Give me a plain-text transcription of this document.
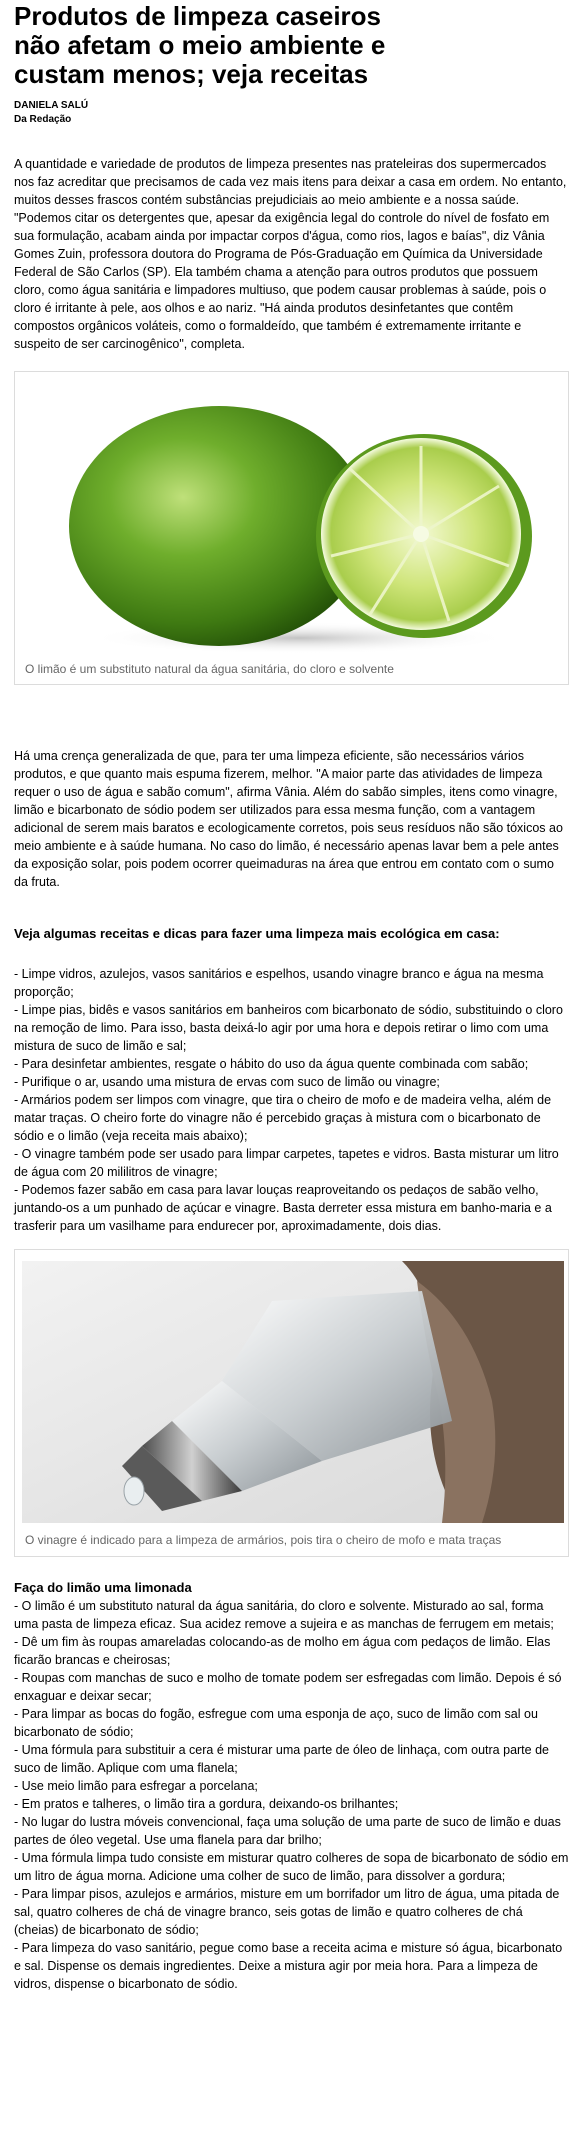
Produtos de limpeza caseiros não afetam o meio ambiente e custam menos; veja receitas
DANIELA SALÚ
Da Redação

A quantidade e variedade de produtos de limpeza presentes nas prateleiras dos supermercados nos faz acreditar que precisamos de cada vez mais itens para deixar a casa em ordem. No entanto, muitos desses frascos contém substâncias prejudiciais ao meio ambiente e a nossa saúde. "Podemos citar os detergentes que, apesar da exigência legal do controle do nível de fosfato em sua formulação, acabam ainda por impactar corpos d'água, como rios, lagos e baías", diz Vânia Gomes Zuin, professora doutora do Programa de Pós-Graduação em Química da Universidade Federal de São Carlos (SP). Ela também chama a atenção para outros produtos que possuem cloro, como água sanitária e limpadores multiuso, que podem causar problemas à saúde, pois o cloro é irritante à pele, aos olhos e ao nariz. "Há ainda produtos desinfetantes que contêm compostos orgânicos voláteis, como o formaldeído, que também é extremamente irritante e suspeito de ser carcinogênico", completa.

O limão é um substituto natural da água sanitária, do cloro e solvente

Há uma crença generalizada de que, para ter uma limpeza eficiente, são necessários vários produtos, e que quanto mais espuma fizerem, melhor. "A maior parte das atividades de limpeza requer o uso de água e sabão comum", afirma Vânia. Além do sabão simples, itens como vinagre, limão e bicarbonato de sódio podem ser utilizados para essa mesma função, com a vantagem adicional de serem mais baratos e ecologicamente corretos, pois seus resíduos não são tóxicos ao meio ambiente e à saúde humana. No caso do limão, é necessário apenas lavar bem a pele antes da exposição solar, pois podem ocorrer queimaduras na área que entrou em contato com o sumo da fruta.

Veja algumas receitas e dicas para fazer uma limpeza mais ecológica em casa:
- Limpe vidros, azulejos, vasos sanitários e espelhos, usando vinagre branco e água na mesma proporção;
- Limpe pias, bidês e vasos sanitários em banheiros com bicarbonato de sódio, substituindo o cloro na remoção de limo. Para isso, basta deixá-lo agir por uma hora e depois retirar o limo com uma mistura de suco de limão e sal;
- Para desinfetar ambientes, resgate o hábito do uso da água quente combinada com sabão;
- Purifique o ar, usando uma mistura de ervas com suco de limão ou vinagre;
- Armários podem ser limpos com vinagre, que tira o cheiro de mofo e de madeira velha, além de matar traças. O cheiro forte do vinagre não é percebido graças à mistura com o bicarbonato de sódio e o limão (veja receita mais abaixo);
- O vinagre também pode ser usado para limpar carpetes, tapetes e vidros. Basta misturar um litro de água com 20 mililitros de vinagre;
- Podemos fazer sabão em casa para lavar louças reaproveitando os pedaços de sabão velho, juntando-os a um punhado de açúcar e vinagre. Basta derreter essa mistura em banho-maria e a trasferir para um vasilhame para endurecer por, aproximadamente, dois dias.
O vinagre é indicado para a limpeza de armários, pois tira o cheiro de mofo e mata traças
Faça do limão uma limonada
- O limão é um substituto natural da água sanitária, do cloro e solvente. Misturado ao sal, forma uma pasta de limpeza eficaz. Sua acidez remove a sujeira e as manchas de ferrugem em metais;
- Dê um fim às roupas amareladas colocando-as de molho em água com pedaços de limão. Elas ficarão brancas e cheirosas;
- Roupas com manchas de suco e molho de tomate podem ser esfregadas com limão. Depois é só enxaguar e deixar secar;
- Para limpar as bocas do fogão, esfregue com uma esponja de aço, suco de limão com sal ou bicarbonato de sódio;
- Uma fórmula para substituir a cera é misturar uma parte de óleo de linhaça, com outra parte de suco de limão. Aplique com uma flanela;
- Use meio limão para esfregar a porcelana;
- Em pratos e talheres, o limão tira a gordura, deixando-os brilhantes;
- No lugar do lustra móveis convencional, faça uma solução de uma parte de suco de limão e duas partes de óleo vegetal. Use uma flanela para dar brilho;
- Uma fórmula limpa tudo consiste em misturar quatro colheres de sopa de bicarbonato de sódio em um litro de água morna. Adicione uma colher de suco de limão, para dissolver a gordura;
- Para limpar pisos, azulejos e armários, misture em um borrifador um litro de água, uma pitada de sal, quatro colheres de chá de vinagre branco, seis gotas de limão e quatro colheres de chá (cheias) de bicarbonato de sódio;
- Para limpeza do vaso sanitário, pegue como base a receita acima e misture só água, bicarbonato e sal. Dispense os demais ingredientes. Deixe a mistura agir por meia hora. Para a limpeza de vidros, dispense o bicarbonato de sódio.
